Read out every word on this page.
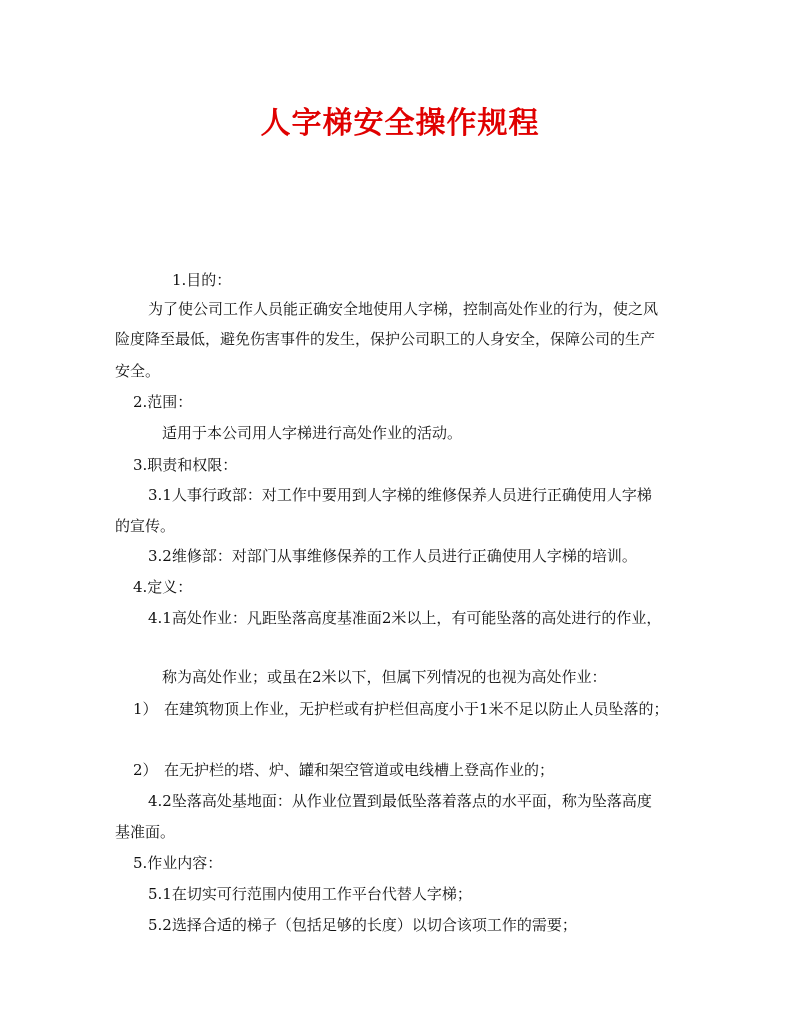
人字梯安全操作规程
1.目的：
为了使公司工作人员能正确安全地使用人字梯，控制高处作业的行为，使之风
险度降至最低，避免伤害事件的发生，保护公司职工的人身安全，保障公司的生产
安全。
2.范围：
适用于本公司用人字梯进行高处作业的活动。
3.职责和权限：
3.1人事行政部：对工作中要用到人字梯的维修保养人员进行正确使用人字梯
的宣传。
3.2维修部：对部门从事维修保养的工作人员进行正确使用人字梯的培训。
4.定义：
4.1高处作业：凡距坠落高度基准面2米以上，有可能坠落的高处进行的作业，
称为高处作业；或虽在2米以下，但属下列情况的也视为高处作业：
1） 在建筑物顶上作业，无护栏或有护栏但高度小于1米不足以防止人员坠落的；
2） 在无护栏的塔、炉、罐和架空管道或电线槽上登高作业的；
4.2坠落高处基地面：从作业位置到最低坠落着落点的水平面，称为坠落高度
基准面。
5.作业内容：
5.1在切实可行范围内使用工作平台代替人字梯；
5.2选择合适的梯子（包括足够的长度）以切合该项工作的需要；
